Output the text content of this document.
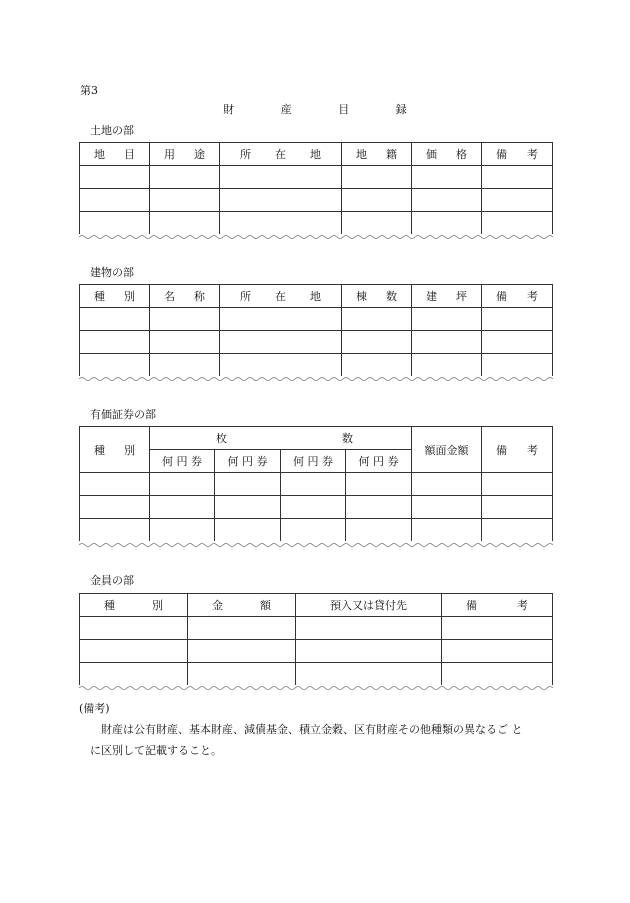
第3
財	産	目	録
土地の部
地 目	用 途	所 在 地	地 籍	価 格	備 考

建物の部
種 別	名 称	所 在 地	棟 数	建 坪	備 考

有価証券の部
種 別	枚 数				額面金額	備 考

	何 円 券	何 円 券	何 円 券	何 円 券		

金員の部
種 別	金 額	預入又は貸付先	備 考

(備考)
財産は公有財産、基本財産、減債基金、積立金穀、区有財産その他種類の異なるご と
に区別して記載すること。
